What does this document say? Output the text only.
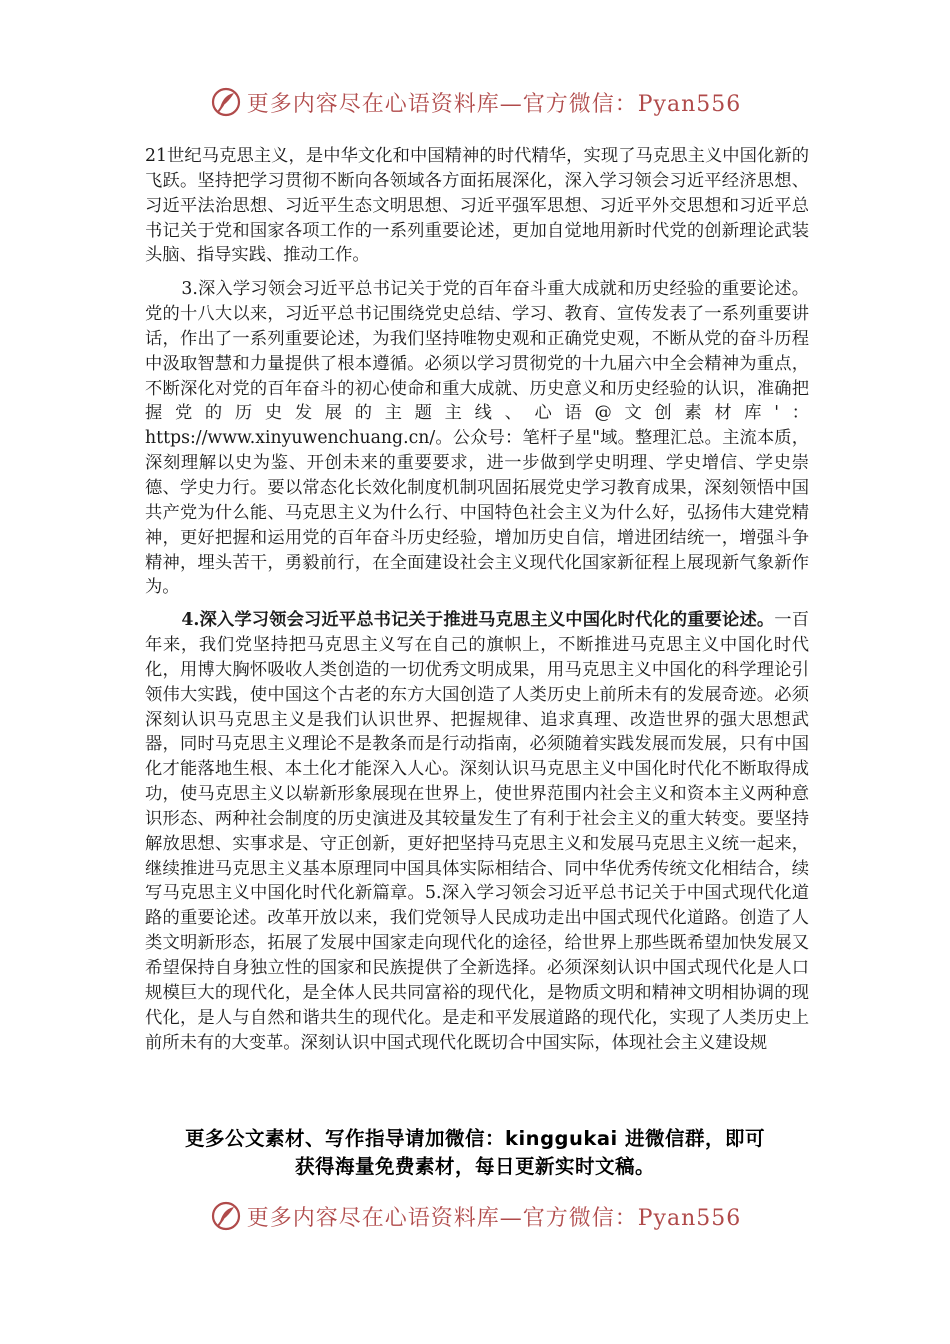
更多内容尽在心语资料库—官方微信：Pyan556

21世纪马克思主义，是中华文化和中国精神的时代精华，实现了马克思主义中国化新的飞跃。坚持把学习贯彻不断向各领域各方面拓展深化，深入学习领会习近平经济思想、习近平法治思想、习近平生态文明思想、习近平强军思想、习近平外交思想和习近平总书记关于党和国家各项工作的一系列重要论述，更加自觉地用新时代党的创新理论武装头脑、指导实践、推动工作。

3.深入学习领会习近平总书记关于党的百年奋斗重大成就和历史经验的重要论述。党的十八大以来，习近平总书记围绕党史总结、学习、教育、宣传发表了一系列重要讲话，作出了一系列重要论述，为我们坚持唯物史观和正确党史观，不断从党的奋斗历程中汲取智慧和力量提供了根本遵循。必须以学习贯彻党的十九届六中全会精神为重点，不断深化对党的百年奋斗的初心使命和重大成就、历史意义和历史经验的认识，准确把握党的历史发展的主题主线、心语@文创素材库'：https://www.xinyuwenchuang.cn/。公众号：笔杆子星"域。整理汇总。主流本质，深刻理解以史为鉴、开创未来的重要要求，进一步做到学史明理、学史增信、学史崇德、学史力行。要以常态化长效化制度机制巩固拓展党史学习教育成果，深刻领悟中国共产党为什么能、马克思主义为什么行、中国特色社会主义为什么好，弘扬伟大建党精神，更好把握和运用党的百年奋斗历史经验，增加历史自信，增进团结统一，增强斗争精神，埋头苦干，勇毅前行，在全面建设社会主义现代化国家新征程上展现新气象新作为。

4.深入学习领会习近平总书记关于推进马克思主义中国化时代化的重要论述。一百年来，我们党坚持把马克思主义写在自己的旗帜上，不断推进马克思主义中国化时代化，用博大胸怀吸收人类创造的一切优秀文明成果，用马克思主义中国化的科学理论引领伟大实践，使中国这个古老的东方大国创造了人类历史上前所未有的发展奇迹。必须深刻认识马克思主义是我们认识世界、把握规律、追求真理、改造世界的强大思想武器，同时马克思主义理论不是教条而是行动指南，必须随着实践发展而发展，只有中国化才能落地生根、本土化才能深入人心。深刻认识马克思主义中国化时代化不断取得成功，使马克思主义以崭新形象展现在世界上，使世界范围内社会主义和资本主义两种意识形态、两种社会制度的历史演进及其较量发生了有利于社会主义的重大转变。要坚持解放思想、实事求是、守正创新，更好把坚持马克思主义和发展马克思主义统一起来，继续推进马克思主义基本原理同中国具体实际相结合、同中华优秀传统文化相结合，续写马克思主义中国化时代化新篇章。5.深入学习领会习近平总书记关于中国式现代化道路的重要论述。改革开放以来，我们党领导人民成功走出中国式现代化道路。创造了人类文明新形态，拓展了发展中国家走向现代化的途径，给世界上那些既希望加快发展又希望保持自身独立性的国家和民族提供了全新选择。必须深刻认识中国式现代化是人口规模巨大的现代化，是全体人民共同富裕的现代化，是物质文明和精神文明相协调的现代化，是人与自然和谐共生的现代化。是走和平发展道路的现代化，实现了人类历史上前所未有的大变革。深刻认识中国式现代化既切合中国实际，体现社会主义建设规

更多公文素材、写作指导请加微信：kinggukai 进微信群，即可
获得海量免费素材，每日更新实时文稿。
更多内容尽在心语资料库—官方微信：Pyan556
